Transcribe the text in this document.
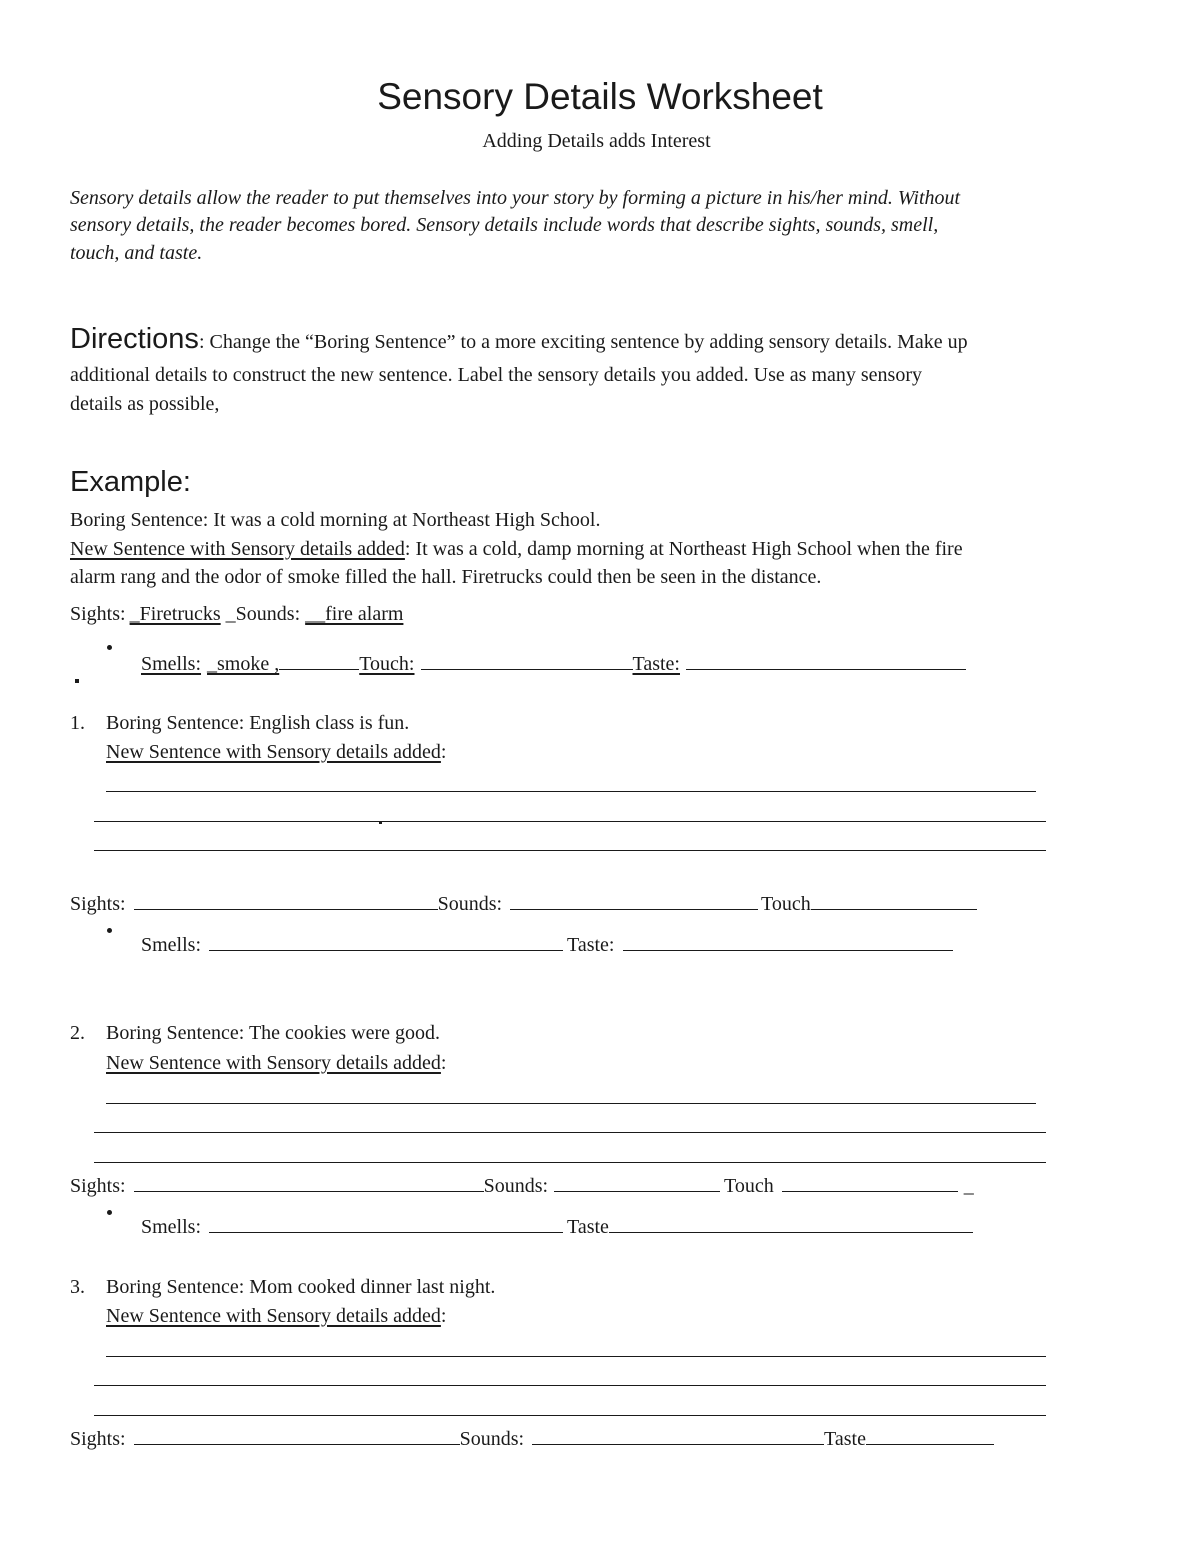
Sensory Details Worksheet
Adding Details adds Interest
Sensory details allow the reader to put themselves into your story by forming a picture in his/her mind. Without
sensory details, the reader becomes bored. Sensory details include words that describe sights, sounds, smell,
touch, and taste.
Directions: Change the “Boring Sentence” to a more exciting sentence by adding sensory details. Make up
additional details to construct the new sentence. Label the sensory details you added. Use as many sensory
details as possible,
Example:
Boring Sentence: It was a cold morning at Northeast High School.
New Sentence with Sensory details added: It was a cold, damp morning at Northeast High School when the fire
alarm rang and the odor of smoke filled the hall. Firetrucks could then be seen in the distance.
Sights: _Firetrucks _Sounds: __fire alarm
Smells: _smoke ,	Touch:	Taste:
1. Boring Sentence: English class is fun.
New Sentence with Sensory details added:
Sights:	Sounds:	Touch
Smells:	Taste:
2. Boring Sentence: The cookies were good.
New Sentence with Sensory details added:
Sights:	Sounds:	Touch	_
Smells:	Taste
3. Boring Sentence: Mom cooked dinner last night.
New Sentence with Sensory details added:
Sights:	Sounds:	Taste
